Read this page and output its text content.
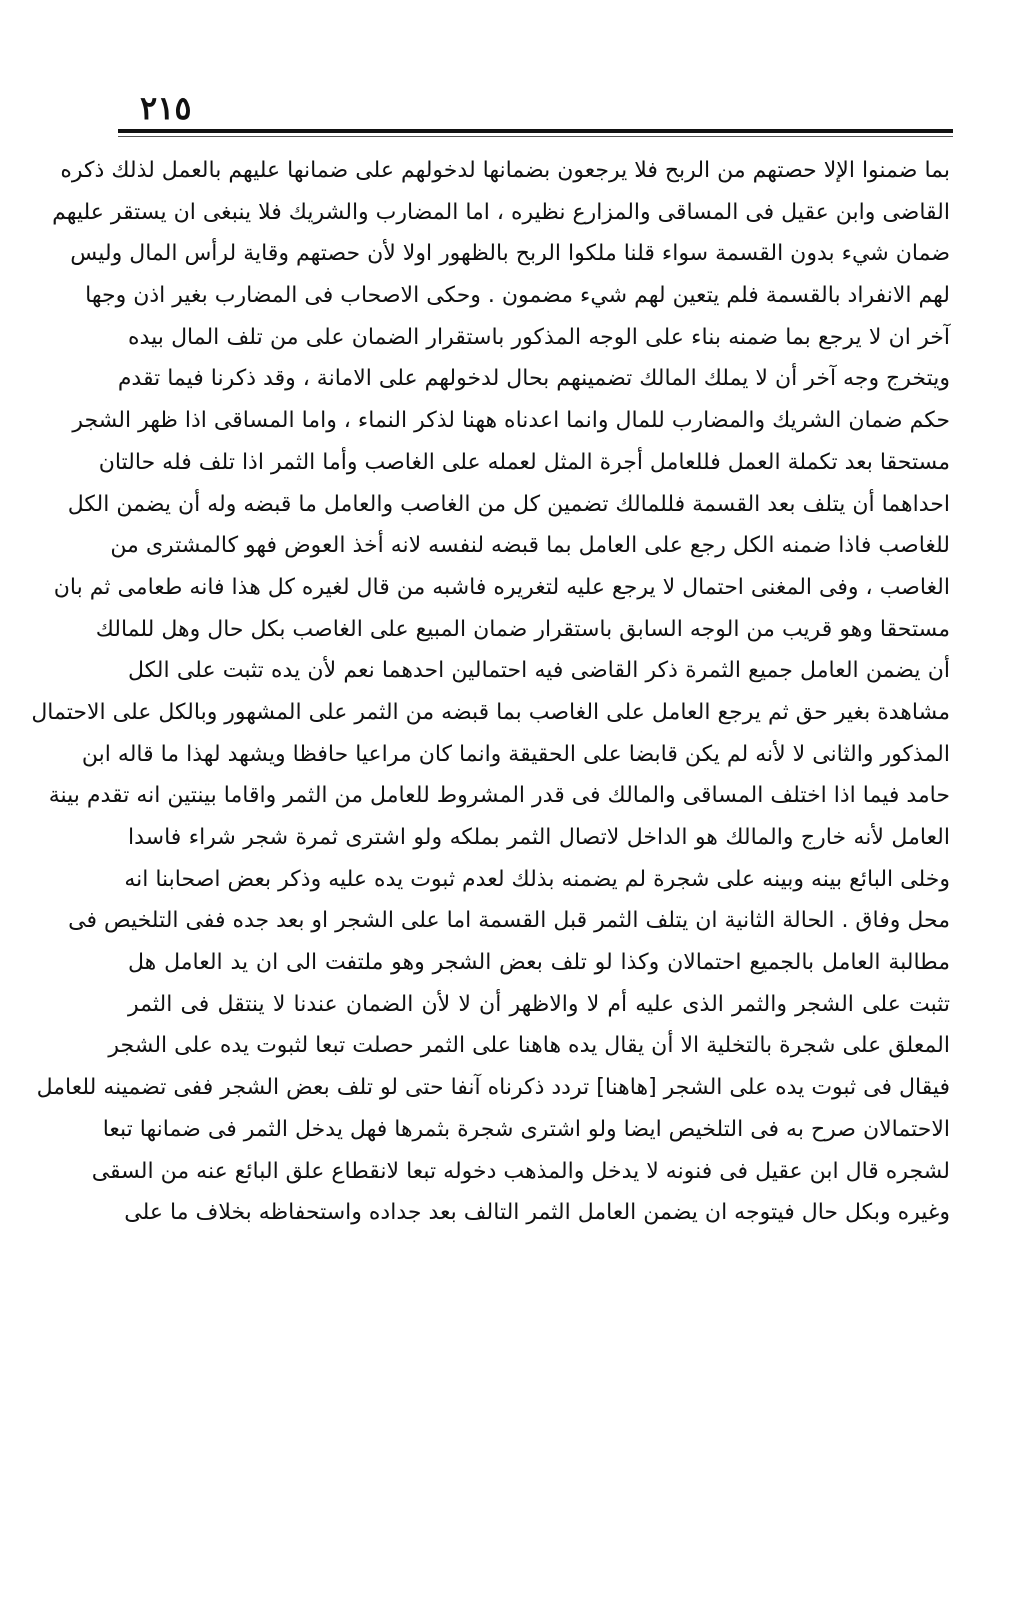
٢١٥
بما ضمنوا الإلا حصتهم من الربح فلا يرجعون بضمانها لدخولهم على ضمانها عليهم بالعمل لذلك ذكره
القاضى وابن عقيل فى المساقى والمزارع نظيره ، اما المضارب والشريك فلا ينبغى ان يستقر عليهم
ضمان شيء بدون القسمة سواء قلنا ملكوا الربح بالظهور اولا لأن حصتهم وقاية لرأس المال وليس
لهم الانفراد بالقسمة فلم يتعين لهم شيء مضمون . وحكى الاصحاب فى المضارب بغير اذن وجها
آخر ان لا يرجع بما ضمنه بناء على الوجه المذكور باستقرار الضمان على من تلف المال بيده
ويتخرج وجه آخر أن لا يملك المالك تضمينهم بحال لدخولهم على الامانة ، وقد ذكرنا فيما تقدم
حكم ضمان الشريك والمضارب للمال وانما اعدناه ههنا لذكر النماء ، واما المساقى اذا ظهر الشجر
مستحقا بعد تكملة العمل فللعامل أجرة المثل لعمله على الغاصب وأما الثمر اذا تلف فله حالتان
احداهما أن يتلف بعد القسمة فللمالك تضمين كل من الغاصب والعامل ما قبضه وله أن يضمن الكل
للغاصب فاذا ضمنه الكل رجع على العامل بما قبضه لنفسه لانه أخذ العوض فهو كالمشترى من
الغاصب ، وفى المغنى احتمال لا يرجع عليه لتغريره فاشبه من قال لغيره كل هذا فانه طعامى ثم بان
مستحقا وهو قريب من الوجه السابق باستقرار ضمان المبيع على الغاصب بكل حال وهل للمالك
أن يضمن العامل جميع الثمرة ذكر القاضى فيه احتمالين احدهما نعم لأن يده تثبت على الكل
مشاهدة بغير حق ثم يرجع العامل على الغاصب بما قبضه من الثمر على المشهور وبالكل على الاحتمال
المذكور والثانى لا لأنه لم يكن قابضا على الحقيقة وانما كان مراعيا حافظا ويشهد لهذا ما قاله ابن
حامد فيما اذا اختلف المساقى والمالك فى قدر المشروط للعامل من الثمر واقاما بينتين انه تقدم بينة
العامل لأنه خارج والمالك هو الداخل لاتصال الثمر بملكه ولو اشترى ثمرة شجر شراء فاسدا
وخلى البائع بينه وبينه على شجرة لم يضمنه بذلك لعدم ثبوت يده عليه وذكر بعض اصحابنا انه
محل وفاق . الحالة الثانية ان يتلف الثمر قبل القسمة اما على الشجر او بعد جده ففى التلخيص فى
مطالبة العامل بالجميع احتمالان وكذا لو تلف بعض الشجر وهو ملتفت الى ان يد العامل هل
تثبت على الشجر والثمر الذى عليه أم لا والاظهر أن لا لأن الضمان عندنا لا ينتقل فى الثمر
المعلق على شجرة بالتخلية الا أن يقال يده هاهنا على الثمر حصلت تبعا لثبوت يده على الشجر
فيقال فى ثبوت يده على الشجر [هاهنا] تردد ذكرناه آنفا حتى لو تلف بعض الشجر ففى تضمينه للعامل
الاحتمالان صرح به فى التلخيص ايضا ولو اشترى شجرة بثمرها فهل يدخل الثمر فى ضمانها تبعا
لشجره قال ابن عقيل فى فنونه لا يدخل والمذهب دخوله تبعا لانقطاع علق البائع عنه من السقى
وغيره وبكل حال فيتوجه ان يضمن العامل الثمر التالف بعد جداده واستحفاظه بخلاف ما على
